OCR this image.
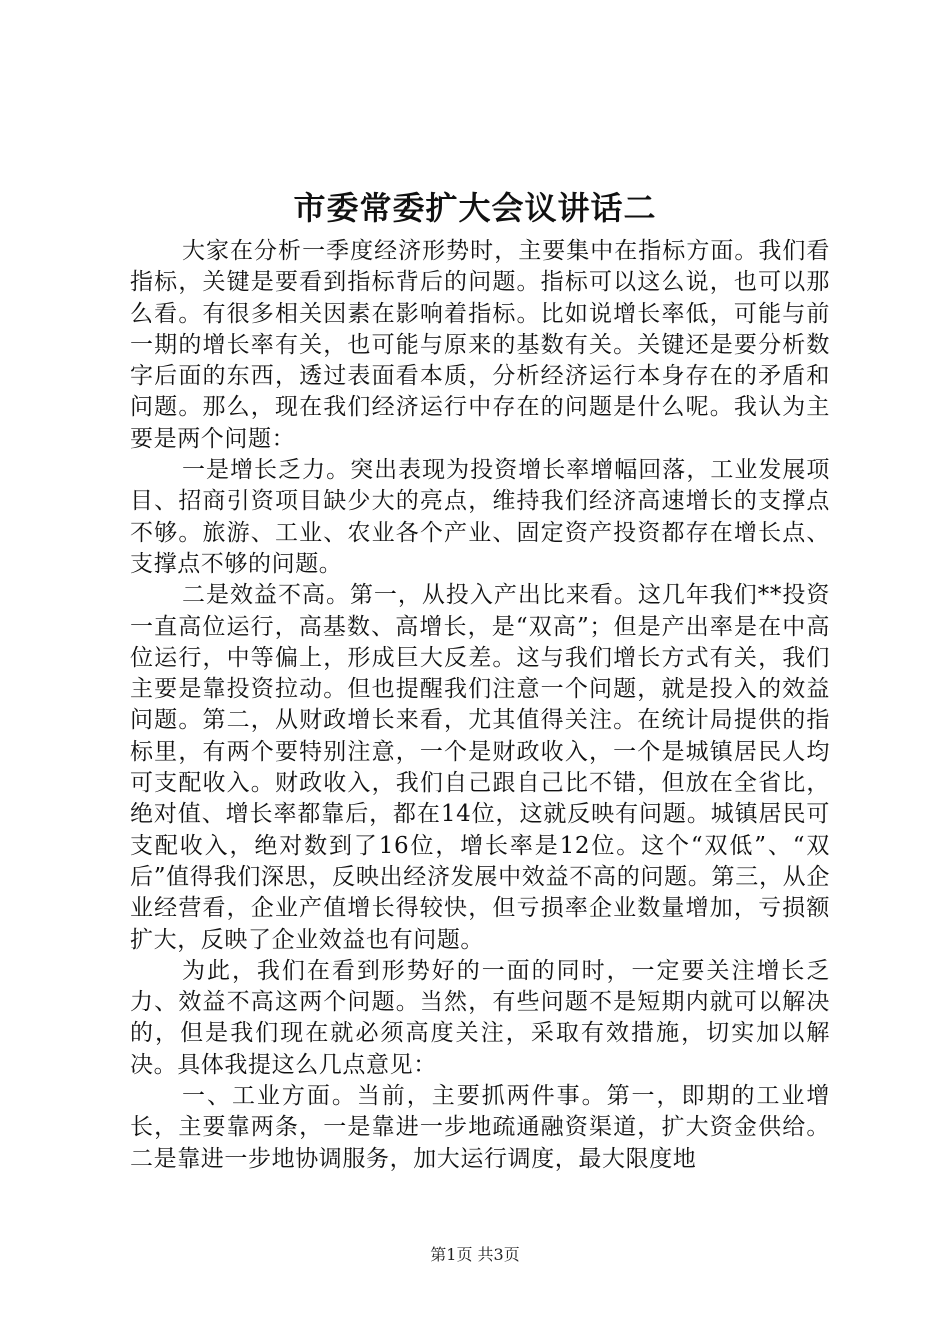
市委常委扩大会议讲话二

大家在分析一季度经济形势时，主要集中在指标方面。我们看指标，关键是要看到指标背后的问题。指标可以这么说，也可以那么看。有很多相关因素在影响着指标。比如说增长率低，可能与前一期的增长率有关，也可能与原来的基数有关。关键还是要分析数字后面的东西，透过表面看本质，分析经济运行本身存在的矛盾和问题。那么，现在我们经济运行中存在的问题是什么呢。我认为主要是两个问题：

一是增长乏力。突出表现为投资增长率增幅回落，工业发展项目、招商引资项目缺少大的亮点，维持我们经济高速增长的支撑点不够。旅游、工业、农业各个产业、固定资产投资都存在增长点、支撑点不够的问题。

二是效益不高。第一，从投入产出比来看。这几年我们**投资一直高位运行，高基数、高增长，是“双高”；但是产出率是在中高位运行，中等偏上，形成巨大反差。这与我们增长方式有关，我们主要是靠投资拉动。但也提醒我们注意一个问题，就是投入的效益问题。第二，从财政增长来看，尤其值得关注。在统计局提供的指标里，有两个要特别注意，一个是财政收入，一个是城镇居民人均可支配收入。财政收入，我们自己跟自己比不错，但放在全省比，绝对值、增长率都靠后，都在14位，这就反映有问题。城镇居民可支配收入，绝对数到了16位，增长率是12位。这个“双低”、“双后”值得我们深思，反映出经济发展中效益不高的问题。第三，从企业经营看，企业产值增长得较快，但亏损率企业数量增加，亏损额扩大，反映了企业效益也有问题。

为此，我们在看到形势好的一面的同时，一定要关注增长乏力、效益不高这两个问题。当然，有些问题不是短期内就可以解决的，但是我们现在就必须高度关注，采取有效措施，切实加以解决。具体我提这么几点意见：

一、工业方面。当前，主要抓两件事。第一，即期的工业增长，主要靠两条，一是靠进一步地疏通融资渠道，扩大资金供给。二是靠进一步地协调服务，加大运行调度，最大限度地

第1页 共3页
